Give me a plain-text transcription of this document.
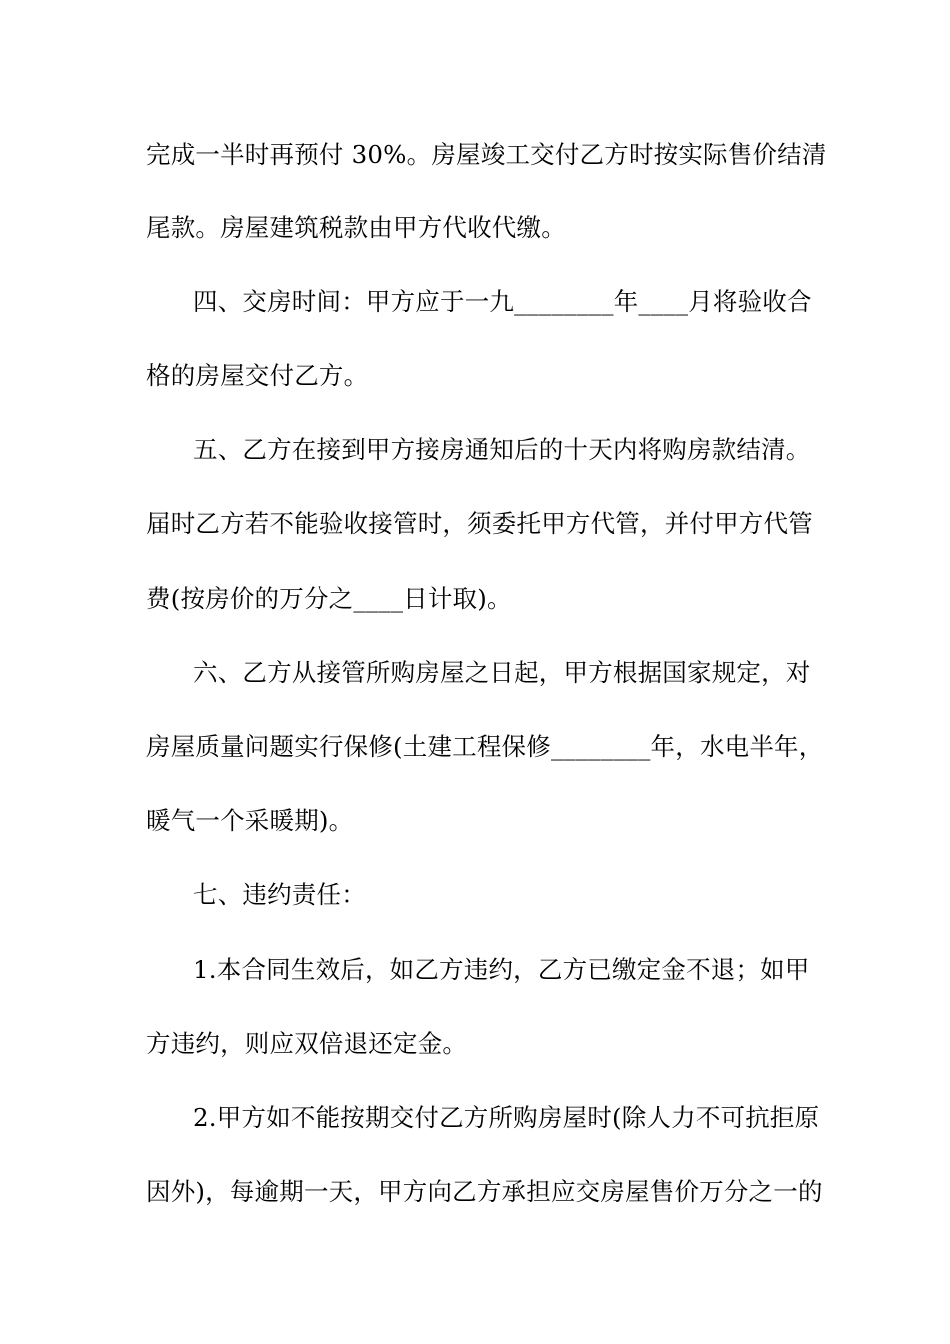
完成一半时再预付 30%。房屋竣工交付乙方时按实际售价结清
尾款。房屋建筑税款由甲方代收代缴。
四、交房时间：甲方应于一九________年____月将验收合
格的房屋交付乙方。
五、乙方在接到甲方接房通知后的十天内将购房款结清。
届时乙方若不能验收接管时，须委托甲方代管，并付甲方代管
费(按房价的万分之____日计取)。
六、乙方从接管所购房屋之日起，甲方根据国家规定，对
房屋质量问题实行保修(土建工程保修________年，水电半年，
暖气一个采暖期)。
七、违约责任：
1.本合同生效后，如乙方违约，乙方已缴定金不退；如甲
方违约，则应双倍退还定金。
2.甲方如不能按期交付乙方所购房屋时(除人力不可抗拒原
因外)，每逾期一天，甲方向乙方承担应交房屋售价万分之一的
